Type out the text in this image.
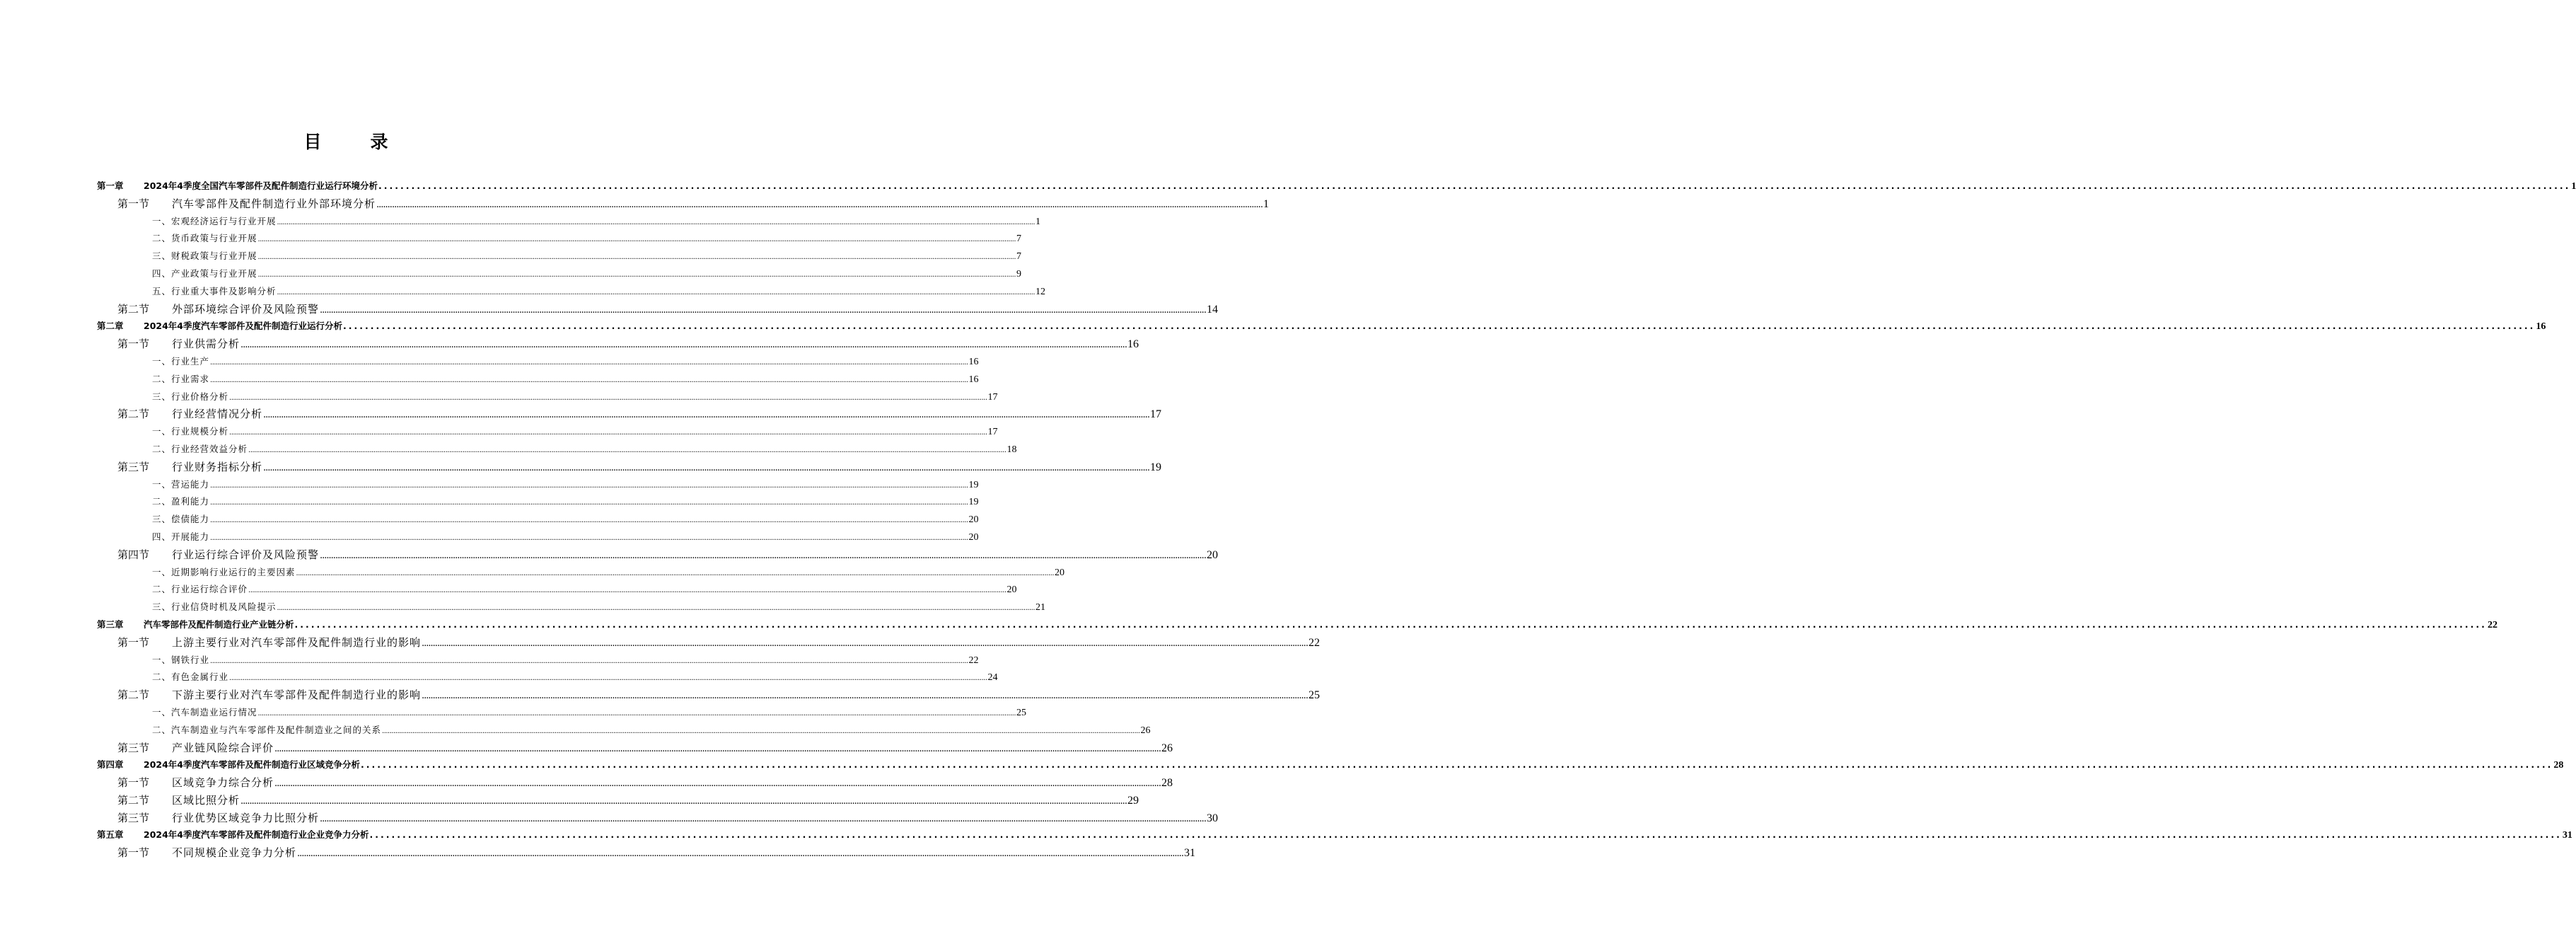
目　录
第一章	2024年4季度全国汽车零部件及配件制造行业运行环境分析 ................................................................................................................................................................................................................................................................................................................................................................................................................ 1
第一节	汽车零部件及配件制造行业外部环境分析 ................................................................................................................................................................................................................................................................................................................................................................................................................ 1
一、宏观经济运行与行业开展 ................................................................................................................................................................................................................................................................................................................................................................................................................ 1
二、货币政策与行业开展 ................................................................................................................................................................................................................................................................................................................................................................................................................ 7
三、财税政策与行业开展 ................................................................................................................................................................................................................................................................................................................................................................................................................ 7
四、产业政策与行业开展 ................................................................................................................................................................................................................................................................................................................................................................................................................ 9
五、行业重大事件及影响分析 ................................................................................................................................................................................................................................................................................................................................................................................................................ 12
第二节	外部环境综合评价及风险预警 ................................................................................................................................................................................................................................................................................................................................................................................................................ 14
第二章	2024年4季度汽车零部件及配件制造行业运行分析 ................................................................................................................................................................................................................................................................................................................................................................................................................ 16
第一节	行业供需分析 ................................................................................................................................................................................................................................................................................................................................................................................................................ 16
一、行业生产 ................................................................................................................................................................................................................................................................................................................................................................................................................ 16
二、行业需求 ................................................................................................................................................................................................................................................................................................................................................................................................................ 16
三、行业价格分析 ................................................................................................................................................................................................................................................................................................................................................................................................................ 17
第二节	行业经营情况分析 ................................................................................................................................................................................................................................................................................................................................................................................................................ 17
一、行业规模分析 ................................................................................................................................................................................................................................................................................................................................................................................................................ 17
二、行业经营效益分析 ................................................................................................................................................................................................................................................................................................................................................................................................................ 18
第三节	行业财务指标分析 ................................................................................................................................................................................................................................................................................................................................................................................................................ 19
一、营运能力 ................................................................................................................................................................................................................................................................................................................................................................................................................ 19
二、盈利能力 ................................................................................................................................................................................................................................................................................................................................................................................................................ 19
三、偿债能力 ................................................................................................................................................................................................................................................................................................................................................................................................................ 20
四、开展能力 ................................................................................................................................................................................................................................................................................................................................................................................................................ 20
第四节	行业运行综合评价及风险预警 ................................................................................................................................................................................................................................................................................................................................................................................................................ 20
一、近期影响行业运行的主要因素 ................................................................................................................................................................................................................................................................................................................................................................................................................ 20
二、行业运行综合评价 ................................................................................................................................................................................................................................................................................................................................................................................................................ 20
三、行业信贷时机及风险提示 ................................................................................................................................................................................................................................................................................................................................................................................................................ 21
第三章	汽车零部件及配件制造行业产业链分析 ................................................................................................................................................................................................................................................................................................................................................................................................................ 22
第一节	上游主要行业对汽车零部件及配件制造行业的影响 ................................................................................................................................................................................................................................................................................................................................................................................................................ 22
一、钢铁行业 ................................................................................................................................................................................................................................................................................................................................................................................................................ 22
二、有色金属行业 ................................................................................................................................................................................................................................................................................................................................................................................................................ 24
第二节	下游主要行业对汽车零部件及配件制造行业的影响 ................................................................................................................................................................................................................................................................................................................................................................................................................ 25
一、汽车制造业运行情况 ................................................................................................................................................................................................................................................................................................................................................................................................................ 25
二、汽车制造业与汽车零部件及配件制造业之间的关系 ................................................................................................................................................................................................................................................................................................................................................................................................................ 26
第三节	产业链风险综合评价 ................................................................................................................................................................................................................................................................................................................................................................................................................ 26
第四章	2024年4季度汽车零部件及配件制造行业区域竞争分析 ................................................................................................................................................................................................................................................................................................................................................................................................................ 28
第一节	区域竞争力综合分析 ................................................................................................................................................................................................................................................................................................................................................................................................................ 28
第二节	区域比照分析 ................................................................................................................................................................................................................................................................................................................................................................................................................ 29
第三节	行业优势区域竞争力比照分析 ................................................................................................................................................................................................................................................................................................................................................................................................................ 30
第五章	2024年4季度汽车零部件及配件制造行业企业竞争力分析 ................................................................................................................................................................................................................................................................................................................................................................................................................ 31
第一节	不同规模企业竞争力分析 ................................................................................................................................................................................................................................................................................................................................................................................................................ 31
